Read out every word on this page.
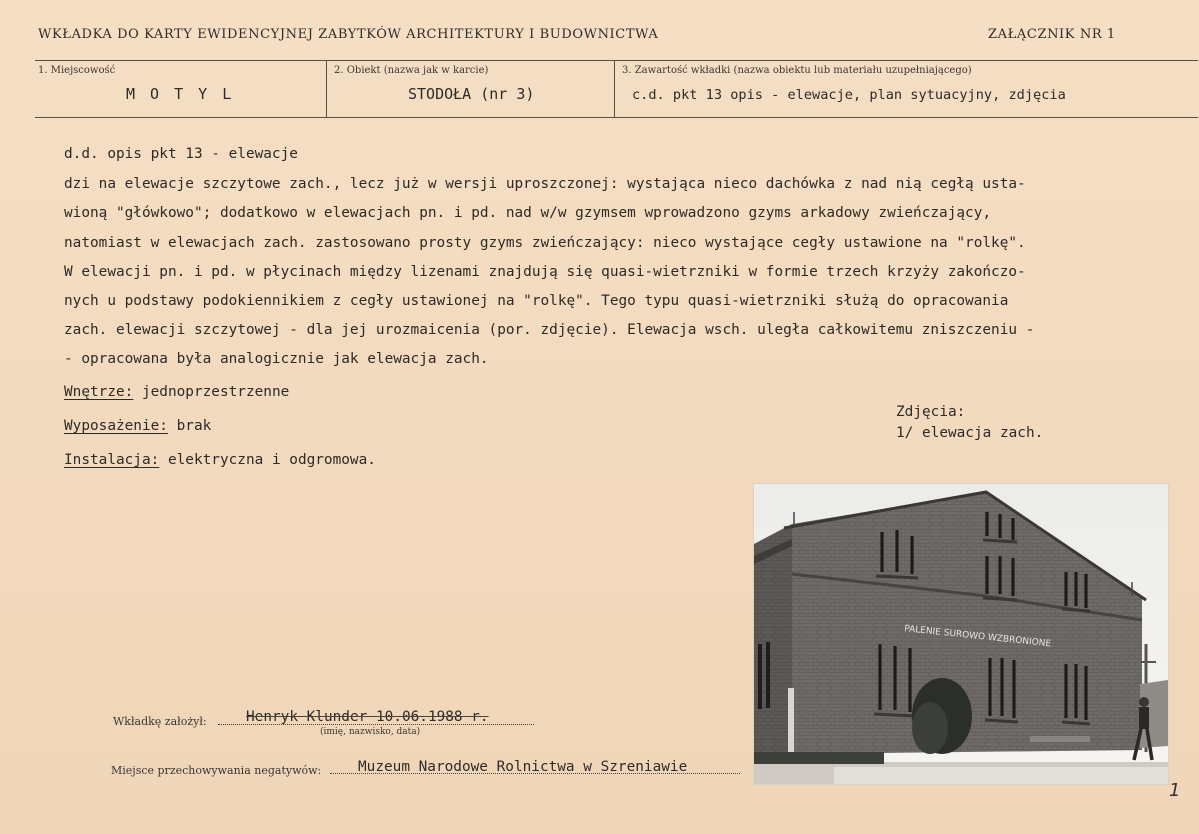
WKŁADKA DO KARTY EWIDENCYJNEJ ZABYTKÓW ARCHITEKTURY I BUDOWNICTWA	ZAŁĄCZNIK NR 1
1. Miejscowość
M O T Y L
2. Obiekt (nazwa jak w karcie)
STODOŁA (nr 3)
3. Zawartość wkładki (nazwa obiektu lub materiału uzupełniającego)
c.d. pkt 13 opis - elewacje, plan sytuacyjny, zdjęcia
d.d. opis pkt 13 - elewacje
dzi na elewacje szczytowe zach., lecz już w wersji uproszczonej: wystająca nieco dachówka z nad nią cegłą usta-
wioną "główkowo"; dodatkowo w elewacjach pn. i pd. nad w/w gzymsem wprowadzono gzyms arkadowy zwieńczający,
natomiast w elewacjach zach. zastosowano prosty gzyms zwieńczający: nieco wystające cegły ustawione na "rolkę".
W elewacji pn. i pd. w płycinach między lizenami znajdują się quasi-wietrzniki w formie trzech krzyży zakończo-
nych u podstawy podokiennikiem z cegły ustawionej na "rolkę". Tego typu quasi-wietrzniki służą do opracowania
zach. elewacji szczytowej - dla jej urozmaicenia (por. zdjęcie). Elewacja wsch. uległa całkowitemu zniszczeniu -
- opracowana była analogicznie jak elewacja zach.
Wnętrze: jednoprzestrzenne
Wyposażenie: brak
Instalacja: elektryczna i odgromowa.
Zdjęcia:
1/ elewacja zach.
PALENIE SUROWO WZBRONIONE
Wkładkę założył:	Henryk Klunder 10.06.1988 r.
(imię, nazwisko, data)
Miejsce przechowywania negatywów:	Muzeum Narodowe Rolnictwa w Szreniawie
1
